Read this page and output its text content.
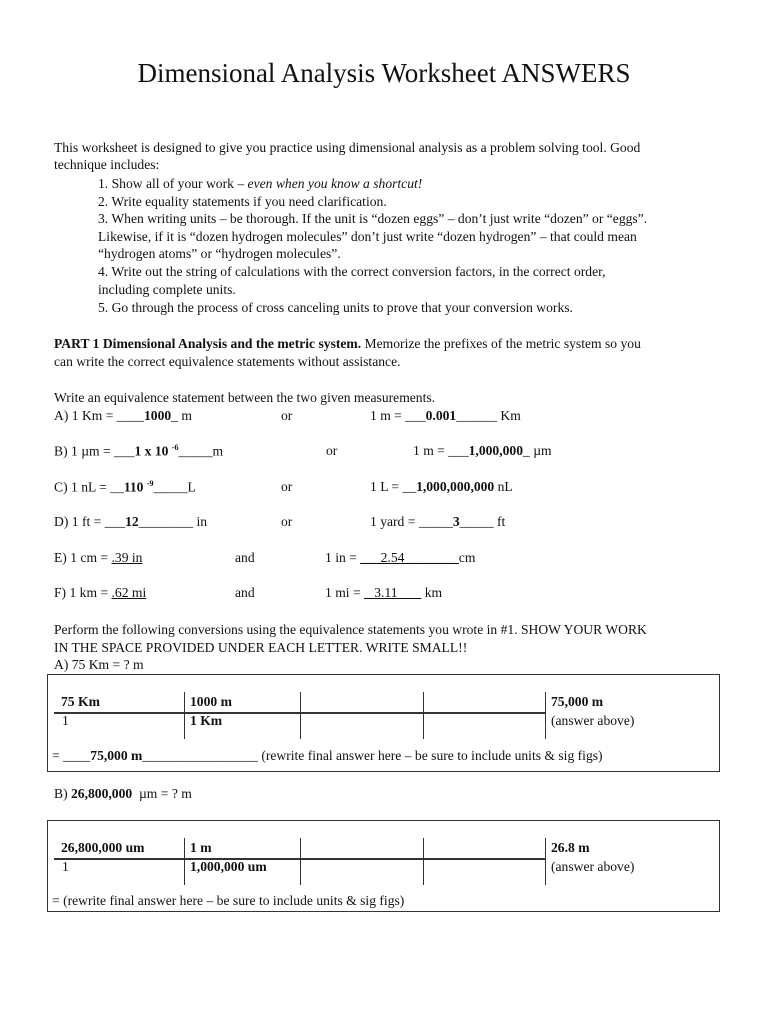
Dimensional Analysis Worksheet ANSWERS
This worksheet is designed to give you practice using dimensional analysis as a problem solving tool. Good
technique includes:
1. Show all of your work – even when you know a shortcut!
2. Write equality statements if you need clarification.
3. When writing units – be thorough. If the unit is “dozen eggs” – don’t just write “dozen” or “eggs”.
Likewise, if it is “dozen hydrogen molecules” don’t just write “dozen hydrogen” – that could mean
“hydrogen atoms” or “hydrogen molecules”.
4. Write out the string of calculations with the correct conversion factors, in the correct order,
including complete units.
5. Go through the process of cross canceling units to prove that your conversion works.
PART 1 Dimensional Analysis and the metric system. Memorize the prefixes of the metric system so you
can write the correct equivalence statements without assistance.
Write an equivalence statement between the two given measurements.
A) 1 Km = ____1000_ m	or	1 m = ___0.001______ Km
B) 1 µm = ___1 x 10 $^{-6}$_____m	or	1 m = ___1,000,000_ µm
C) 1 nL = __110 $^{-9}$_____L	or	1 L = __1,000,000,000 nL
D) 1 ft = ___12________ in	or	1 yard = _____3_____ ft
E) 1 cm = .39 in	and	1 in = ___2.54________cm
F) 1 km = .62 mi	and	1 mi =    3.11        km
Perform the following conversions using the equivalence statements you wrote in #1. SHOW YOUR WORK
IN THE SPACE PROVIDED UNDER EACH LETTER. WRITE SMALL!!
A) 75 Km = ? m
75 Km	1000 m	75,000 m
1	1 Km	(answer above)
= ____75,000 m_________________ (rewrite final answer here – be sure to include units & sig figs)
B) 26,800,000  µm = ? m
26,800,000 um	1 m	26.8 m
1	1,000,000 um	(answer above)
= (rewrite final answer here – be sure to include units & sig figs)
